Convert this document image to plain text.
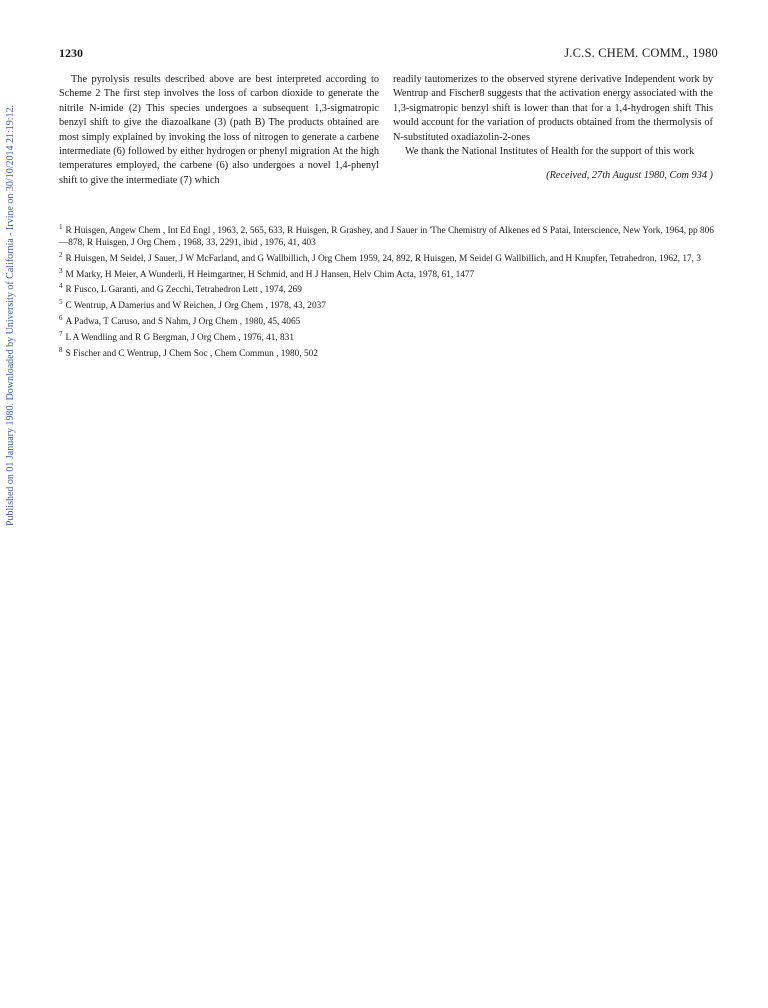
Published on 01 January 1980. Downloaded by University of California - Irvine on 30/10/2014 21:19:12.
1230	J.C.S. CHEM. COMM., 1980

The pyrolysis results described above are best interpreted according to Scheme 2 The first step involves the loss of carbon dioxide to generate the nitrile N-imide (2) This species undergoes a subsequent 1,3-sigmatropic benzyl shift to give the diazoalkane (3) (path B) The products obtained are most simply explained by invoking the loss of nitrogen to generate a carbene intermediate (6) followed by either hydrogen or phenyl migration At the high temperatures employed, the carbene (6) also undergoes a novel 1,4-phenyl shift to give the intermediate (7) which

readily tautomerizes to the observed styrene derivative Independent work by Wentrup and Fischer8 suggests that the activation energy associated with the 1,3-sigmatropic benzyl shift is lower than that for a 1,4-hydrogen shift This would account for the variation of products obtained from the thermolysis of N-substituted oxadiazolin-2-ones

We thank the National Institutes of Health for the support of this work

(Received, 27th August 1980, Com 934 )
$^1$ R Huisgen, Angew Chem , Int Ed Engl , 1963, 2, 565, 633, R Huisgen, R Grashey, and J Sauer in 'The Chemistry of Alkenes ed S Patai, Interscience, New York, 1964, pp 806—878, R Huisgen, J Org Chem , 1968, 33, 2291, ibid , 1976, 41, 403
$^2$ R Huisgen, M Seidel, J Sauer, J W McFarland, and G Wallbillich, J Org Chem 1959, 24, 892, R Huisgen, M Seidel G Wallbillich, and H Knupfer, Tetrahedron, 1962, 17, 3
$^3$ M Marky, H Meier, A Wunderli, H Heimgartner, H Schmid, and H J Hansen, Helv Chim Acta, 1978, 61, 1477
$^4$ R Fusco, L Garanti, and G Zecchi, Tetrahedron Lett , 1974, 269
$^5$ C Wentrup, A Damerius and W Reichen, J Org Chem , 1978, 43, 2037
$^6$ A Padwa, T Caruso, and S Nahm, J Org Chem , 1980, 45, 4065
$^7$ L A Wendling and R G Bergman, J Org Chem , 1976, 41, 831
$^8$ S Fischer and C Wentrup, J Chem Soc , Chem Commun , 1980, 502
